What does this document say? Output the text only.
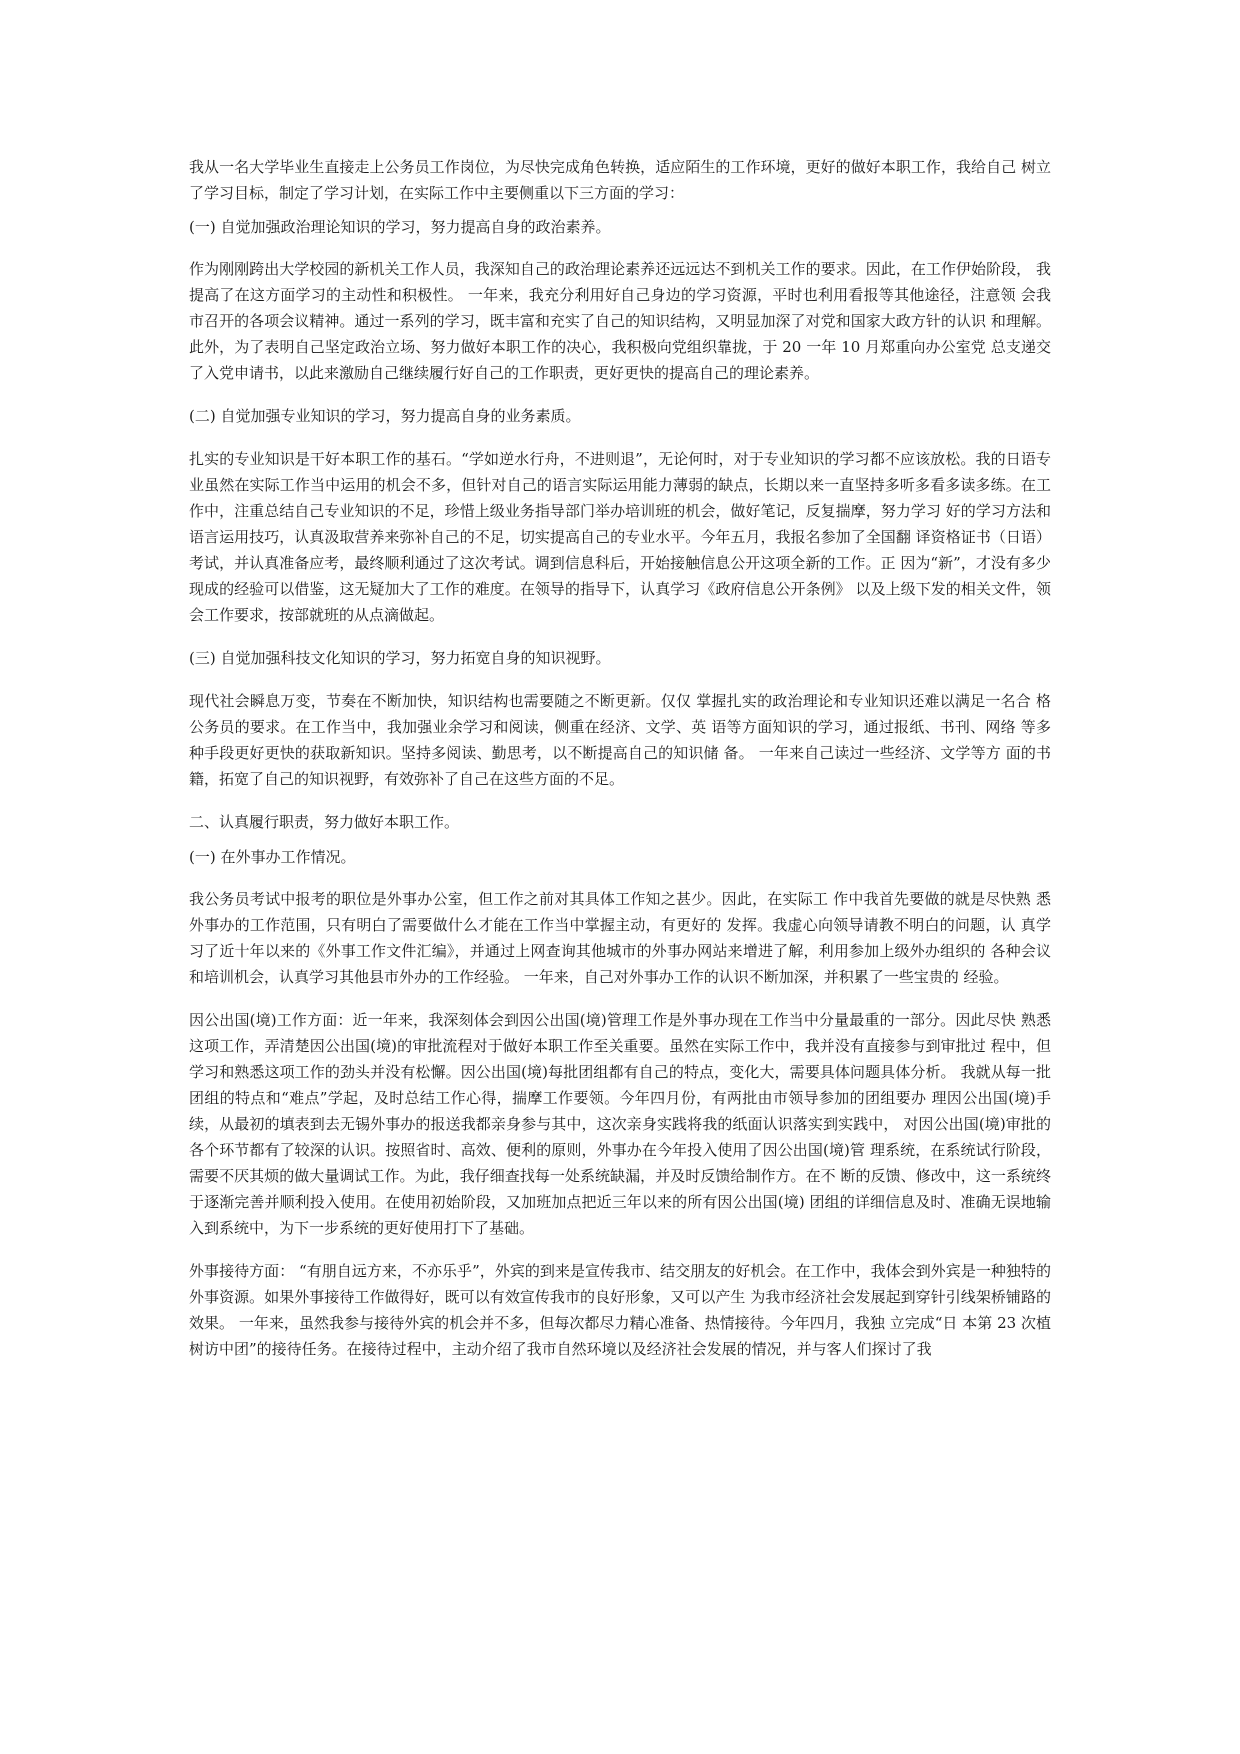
我从一名大学毕业生直接走上公务员工作岗位，为尽快完成角色转换，适应陌生的工作环境，更好的做好本职工作，我给自己 树立了学习目标，制定了学习计划，在实际工作中主要侧重以下三方面的学习：

(一) 自觉加强政治理论知识的学习，努力提高自身的政治素养。

作为刚刚跨出大学校园的新机关工作人员，我深知自己的政治理论素养还远远达不到机关工作的要求。因此，在工作伊始阶段， 我提高了在这方面学习的主动性和积极性。 一年来，我充分利用好自己身边的学习资源，平时也利用看报等其他途径，注意领 会我市召开的各项会议精神。通过一系列的学习，既丰富和充实了自己的知识结构，又明显加深了对党和国家大政方针的认识 和理解。此外，为了表明自己坚定政治立场、努力做好本职工作的决心，我积极向党组织靠拢，于 20 一年 10 月郑重向办公室党 总支递交了入党申请书，以此来激励自己继续履行好自己的工作职责，更好更快的提高自己的理论素养。

(二) 自觉加强专业知识的学习，努力提高自身的业务素质。

扎实的专业知识是干好本职工作的基石。“学如逆水行舟，不进则退”，无论何时，对于专业知识的学习都不应该放松。我的日语专业虽然在实际工作当中运用的机会不多，但针对自己的语言实际运用能力薄弱的缺点，长期以来一直坚持多听多看多读多练。在工作中，注重总结自己专业知识的不足，珍惜上级业务指导部门举办培训班的机会，做好笔记，反复揣摩，努力学习 好的学习方法和语言运用技巧，认真汲取营养来弥补自己的不足，切实提高自己的专业水平。今年五月，我报名参加了全国翻 译资格证书（日语）考试，并认真准备应考，最终顺利通过了这次考试。调到信息科后，开始接触信息公开这项全新的工作。正 因为“新”，才没有多少现成的经验可以借鉴，这无疑加大了工作的难度。在领导的指导下，认真学习《政府信息公开条例》 以及上级下发的相关文件，领会工作要求，按部就班的从点滴做起。

(三) 自觉加强科技文化知识的学习，努力拓宽自身的知识视野。

现代社会瞬息万变，节奏在不断加快，知识结构也需要随之不断更新。仅仅 掌握扎实的政治理论和专业知识还难以满足一名合 格公务员的要求。在工作当中，我加强业余学习和阅读，侧重在经济、文学、英 语等方面知识的学习，通过报纸、书刊、网络 等多种手段更好更快的获取新知识。坚持多阅读、勤思考，以不断提高自己的知识储 备。 一年来自己读过一些经济、文学等方 面的书籍，拓宽了自己的知识视野，有效弥补了自己在这些方面的不足。

二、认真履行职责，努力做好本职工作。

(一) 在外事办工作情况。

我公务员考试中报考的职位是外事办公室，但工作之前对其具体工作知之甚少。因此，在实际工 作中我首先要做的就是尽快熟 悉外事办的工作范围，只有明白了需要做什么才能在工作当中掌握主动，有更好的 发挥。我虚心向领导请教不明白的问题，认 真学习了近十年以来的《外事工作文件汇编》，并通过上网查询其他城市的外事办网站来增进了解，利用参加上级外办组织的 各种会议和培训机会，认真学习其他县市外办的工作经验。 一年来，自己对外事办工作的认识不断加深，并积累了一些宝贵的 经验。

因公出国(境)工作方面：近一年来，我深刻体会到因公出国(境)管理工作是外事办现在工作当中分量最重的一部分。因此尽快 熟悉这项工作，弄清楚因公出国(境)的审批流程对于做好本职工作至关重要。虽然在实际工作中，我并没有直接参与到审批过 程中，但学习和熟悉这项工作的劲头并没有松懈。因公出国(境)每批团组都有自己的特点，变化大，需要具体问题具体分析。 我就从每一批团组的特点和“难点”学起，及时总结工作心得，揣摩工作要领。今年四月份，有两批由市领导参加的团组要办 理因公出国(境)手续，从最初的填表到去无锡外事办的报送我都亲身参与其中，这次亲身实践将我的纸面认识落实到实践中， 对因公出国(境)审批的各个环节都有了较深的认识。按照省时、高效、便利的原则，外事办在今年投入使用了因公出国(境)管 理系统，在系统试行阶段，需要不厌其烦的做大量调试工作。为此，我仔细查找每一处系统缺漏，并及时反馈给制作方。在不 断的反馈、修改中，这一系统终于逐渐完善并顺利投入使用。在使用初始阶段，又加班加点把近三年以来的所有因公出国(境) 团组的详细信息及时、准确无误地输入到系统中，为下一步系统的更好使用打下了基础。

外事接待方面： “有朋自远方来，不亦乐乎”，外宾的到来是宣传我市、结交朋友的好机会。在工作中，我体会到外宾是一种独特的外事资源。如果外事接待工作做得好，既可以有效宣传我市的良好形象，又可以产生 为我市经济社会发展起到穿针引线架桥铺路的效果。 一年来，虽然我参与接待外宾的机会并不多，但每次都尽力精心准备、热情接待。今年四月，我独 立完成“日 本第 23 次植树访中团”的接待任务。在接待过程中，主动介绍了我市自然环境以及经济社会发展的情况，并与客人们探讨了我
